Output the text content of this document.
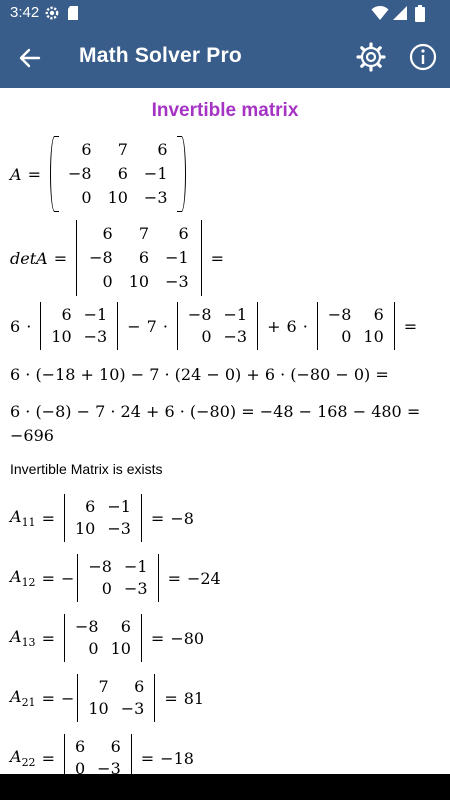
3:42
Math Solver Pro
Invertible matrix
A =
6	7	6
−8	6	−1
0	10	−3
detA =
6	7	6
−8	6	−1
0	10	−3
=
6 ·
6	−1
10	−3
− 7 ·
−8	−1
0	−3
+ 6 ·
−8	6
0	10
=
6 · (−18 + 10) − 7 · (24 − 0) + 6 · (−80 − 0) =
6 · (−8) − 7 · 24 + 6 · (−80) = −48 − 168 − 480 = −696
Invertible Matrix is exists
$A_{11}$ =
6	−1
10	−3
= −8
$A_{12}$ = −
−8	−1
0	−3
= −24
$A_{13}$ =
−8	6
0	10
= −80
$A_{21}$ = −
7	6
10	−3
= 81
$A_{22}$ =
6	6
0	−3
= −18
